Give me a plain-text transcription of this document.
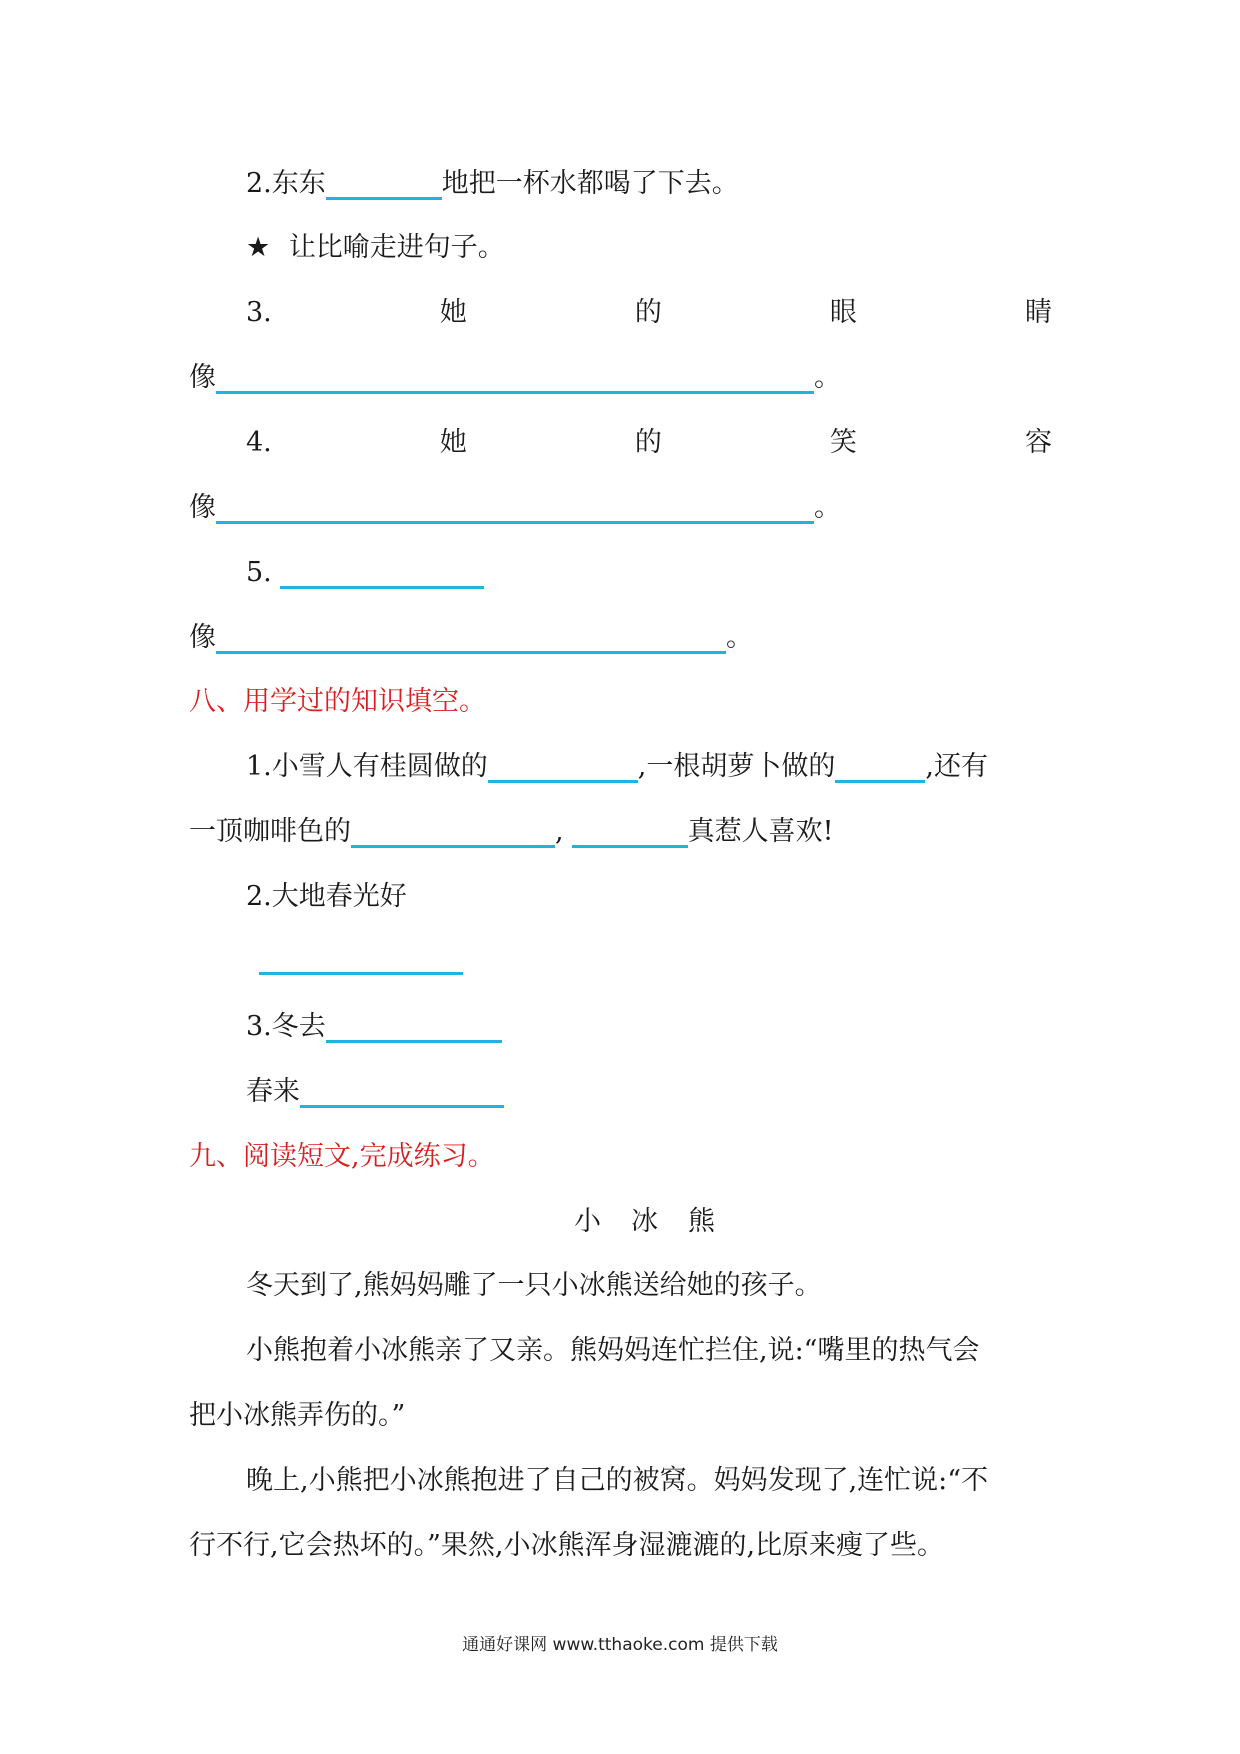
2.东东	地把一杯水都喝了下去。
★ 让比喻走进句子。
3.	她	的	眼	睛
像	。
4.	她	的	笑	容
像	。
5.
像	。
八、用学过的知识填空。
1.小雪人有桂圆做的	,一根胡萝卜做的	,还有
一顶咖啡色的	,	真惹人喜欢!
2.大地春光好
3.冬去
春来
九、阅读短文,完成练习。
小冰熊
冬天到了,熊妈妈雕了一只小冰熊送给她的孩子。
小熊抱着小冰熊亲了又亲。熊妈妈连忙拦住,说:“嘴里的热气会
把小冰熊弄伤的。”
晚上,小熊把小冰熊抱进了自己的被窝。妈妈发现了,连忙说:“不
行不行,它会热坏的。”果然,小冰熊浑身湿漉漉的,比原来瘦了些。
通通好课网 www.tthaoke.com 提供下载
